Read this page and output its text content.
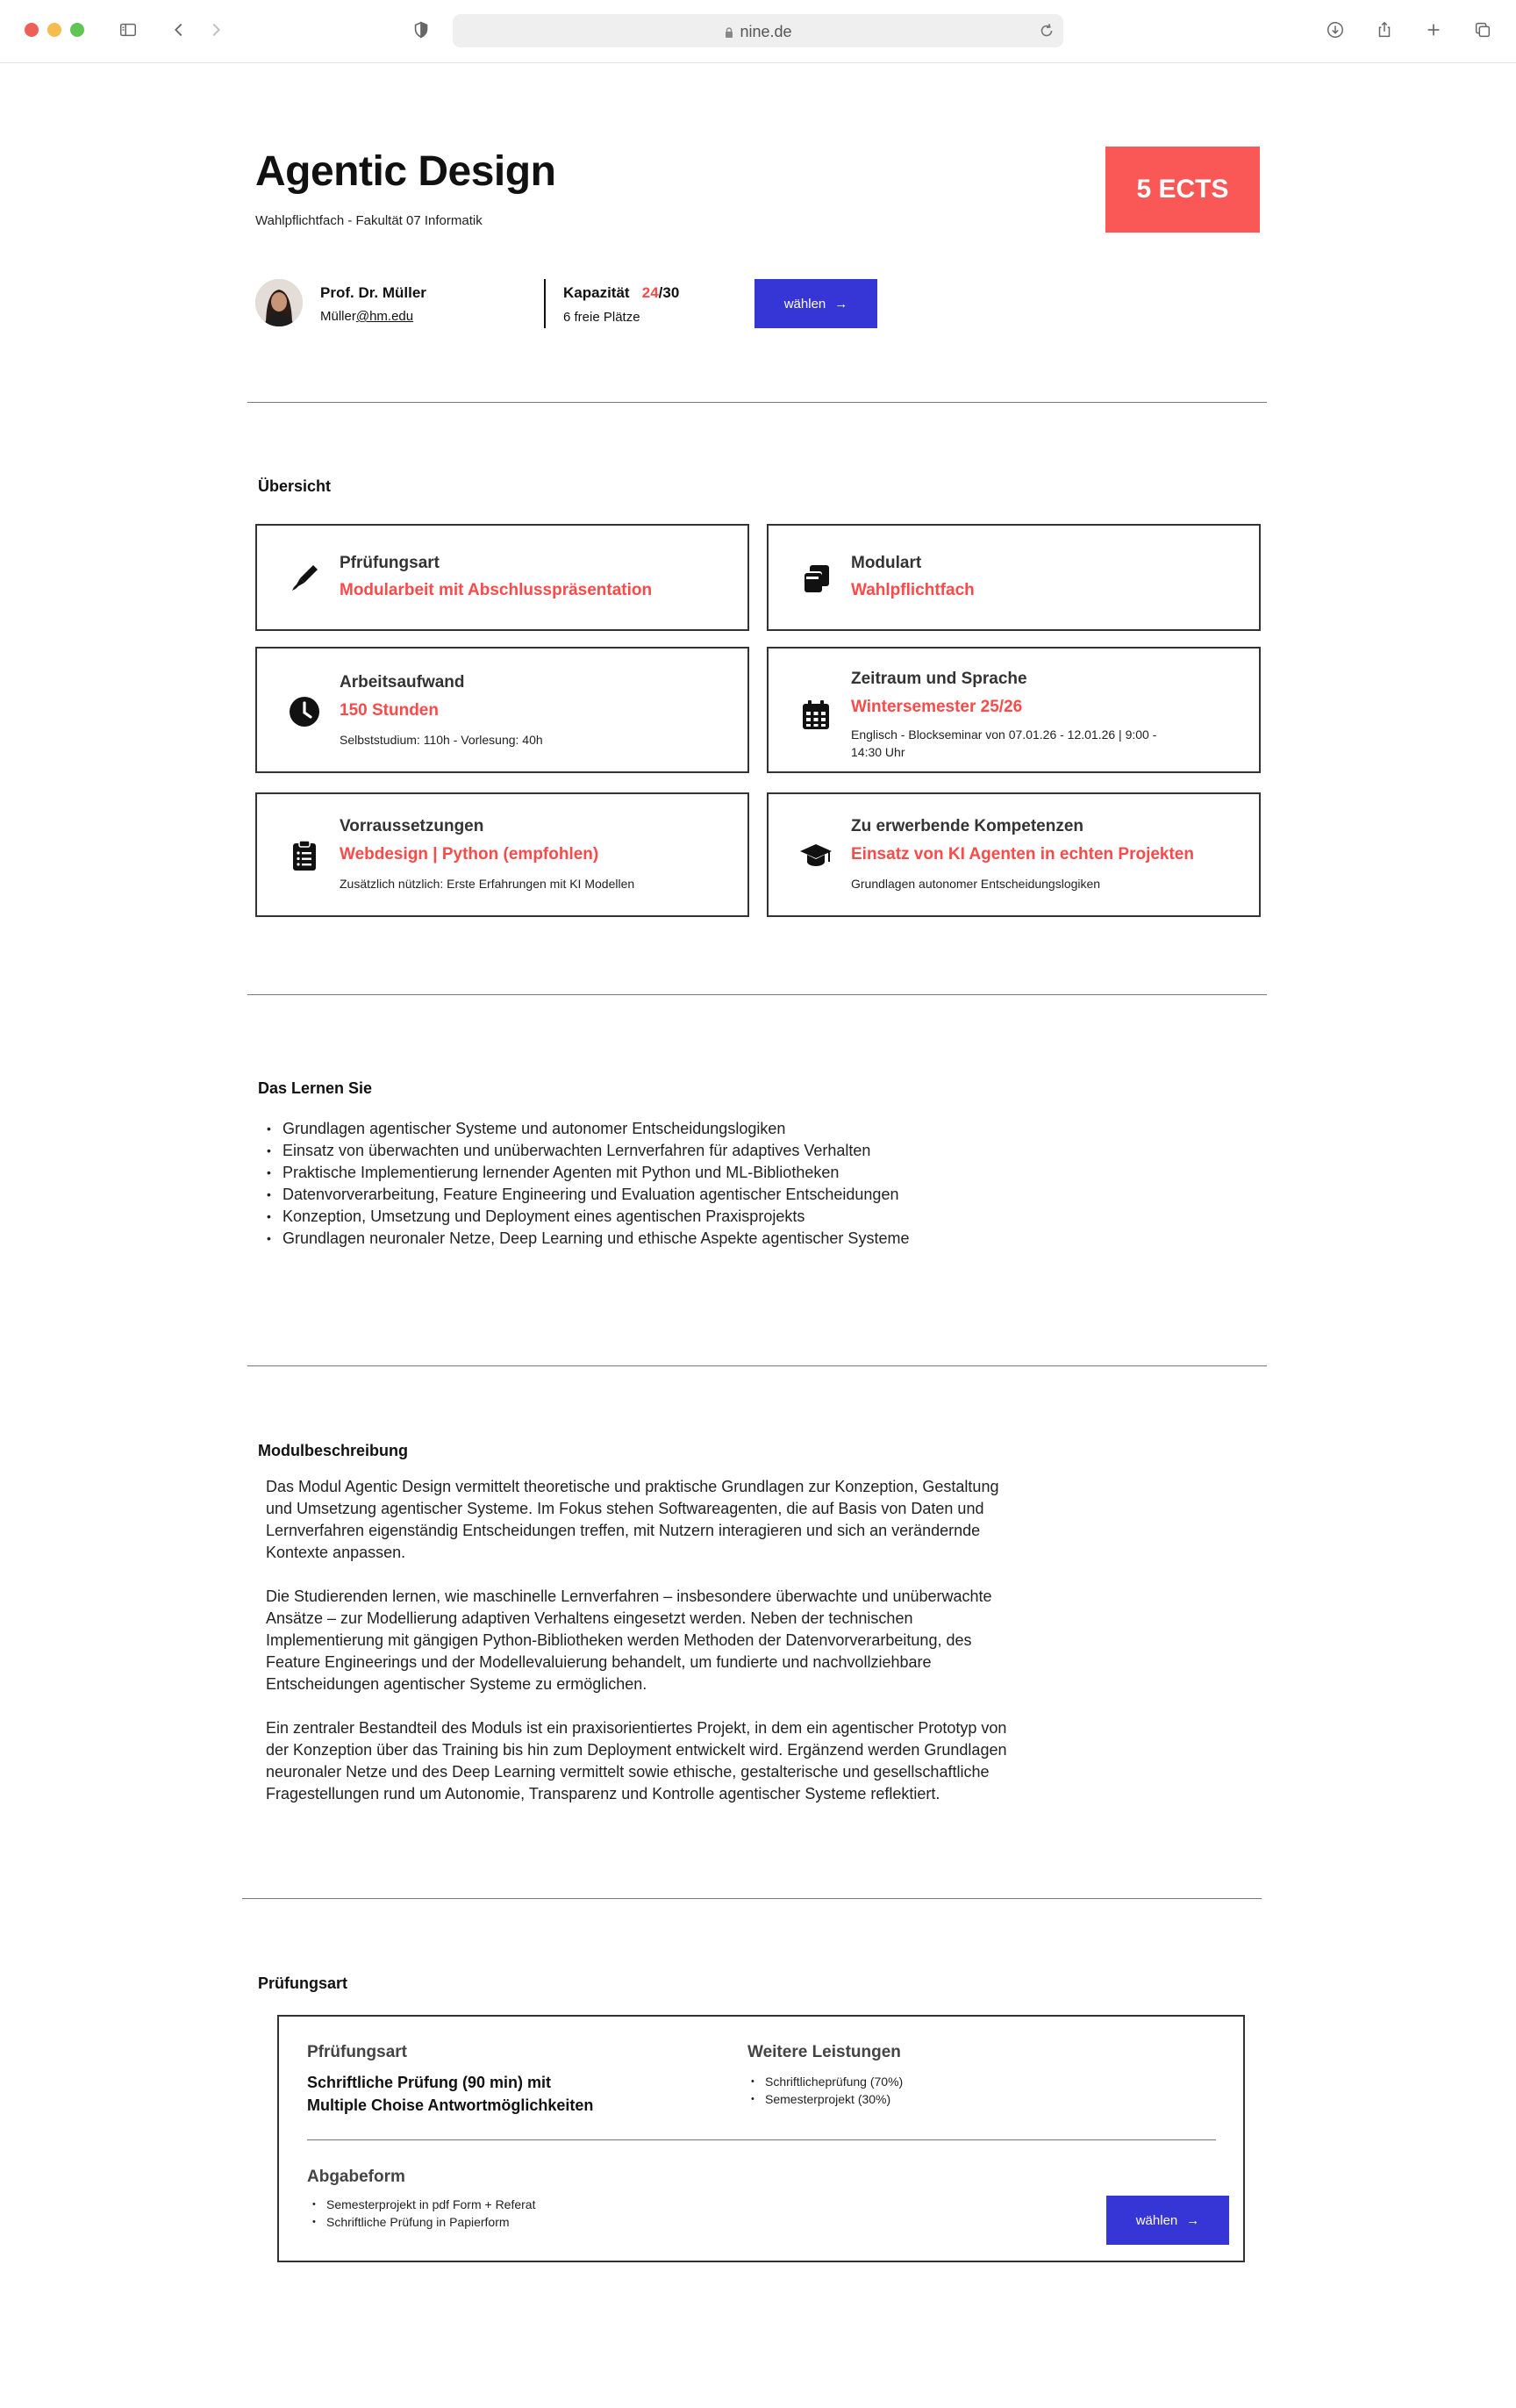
nine.de
Agentic Design
Wahlpflichtfach - Fakultät 07 Informatik
5 ECTS
Prof. Dr. Müller
Müller@hm.edu
Kapazität 24/30
6 freie Plätze
wählen →
Übersicht
Pfrüfungsart
Modularbeit mit Abschlusspräsentation
Modulart
Wahlpflichtfach
Arbeitsaufwand
150 Stunden
Selbststudium: 110h - Vorlesung: 40h
Zeitraum und Sprache
Wintersemester 25/26
Englisch - Blockseminar von 07.01.26 - 12.01.26 | 9:00 - 14:30 Uhr
Vorraussetzungen
Webdesign | Python (empfohlen)
Zusätzlich nützlich: Erste Erfahrungen mit KI Modellen
Zu erwerbende Kompetenzen
Einsatz von KI Agenten in echten Projekten
Grundlagen autonomer Entscheidungslogiken
Das Lernen Sie
• Grundlagen agentischer Systeme und autonomer Entscheidungslogiken
• Einsatz von überwachten und unüberwachten Lernverfahren für adaptives Verhalten
• Praktische Implementierung lernender Agenten mit Python und ML-Bibliotheken
• Datenvorverarbeitung, Feature Engineering und Evaluation agentischer Entscheidungen
• Konzeption, Umsetzung und Deployment eines agentischen Praxisprojekts
• Grundlagen neuronaler Netze, Deep Learning und ethische Aspekte agentischer Systeme
Modulbeschreibung

Das Modul Agentic Design vermittelt theoretische und praktische Grundlagen zur Konzeption, Gestaltung und Umsetzung agentischer Systeme. Im Fokus stehen Softwareagenten, die auf Basis von Daten und Lernverfahren eigenständig Entscheidungen treffen, mit Nutzern interagieren und sich an verändernde Kontexte anpassen.

Die Studierenden lernen, wie maschinelle Lernverfahren – insbesondere überwachte und unüberwachte Ansätze – zur Modellierung adaptiven Verhaltens eingesetzt werden. Neben der technischen Implementierung mit gängigen Python-Bibliotheken werden Methoden der Datenvorverarbeitung, des Feature Engineerings und der Modellevaluierung behandelt, um fundierte und nachvollziehbare Entscheidungen agentischer Systeme zu ermöglichen.

Ein zentraler Bestandteil des Moduls ist ein praxisorientiertes Projekt, in dem ein agentischer Prototyp von der Konzeption über das Training bis hin zum Deployment entwickelt wird. Ergänzend werden Grundlagen neuronaler Netze und des Deep Learning vermittelt sowie ethische, gestalterische und gesellschaftliche Fragestellungen rund um Autonomie, Transparenz und Kontrolle agentischer Systeme reflektiert.

Prüfungsart
Pfrüfungsart
Schriftliche Prüfung (90 min) mit
Multiple Choise Antwortmöglichkeiten
Weitere Leistungen
• Schriftlicheprüfung (70%)
• Semesterprojekt (30%)
Abgabeform
• Semesterprojekt in pdf Form + Referat
• Schriftliche Prüfung in Papierform	wählen →
